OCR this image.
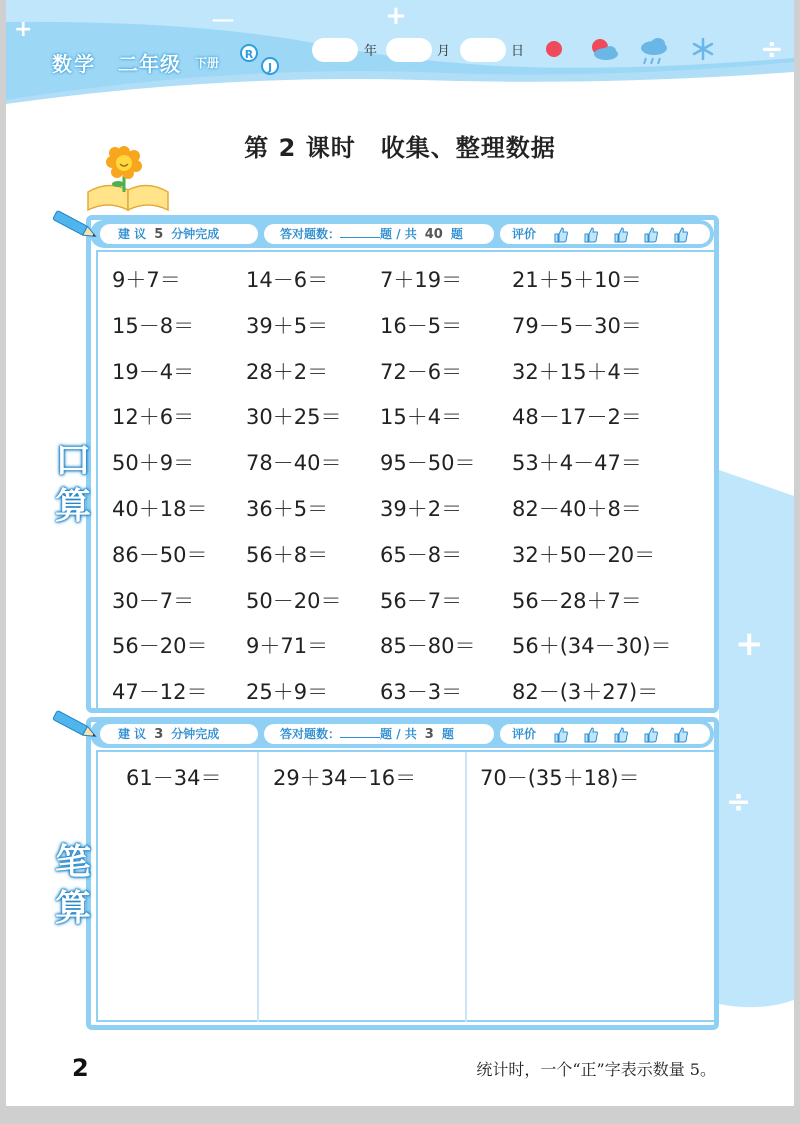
－	+
÷
+
数学 二年级 下册
R
J
年	月	日
第 2 课时　收集、整理数据
+
÷
建 议 5 分钟完成	答对题数：	题 / 共 40 题	评价
口
算
9＋7＝	14－6＝ 7＋19＝ 21＋5＋10＝
15－8＝ 39＋5＝ 16－5＝ 79－5－30＝
19－4＝ 28＋2＝ 72－6＝ 32＋15＋4＝
12＋6＝ 30＋25＝ 15＋4＝ 48－17－2＝
50＋9＝ 78－40＝ 95－50＝ 53＋4－47＝
40＋18＝ 36＋5＝ 39＋2＝ 82－40＋8＝
86－50＝ 56＋8＝ 65－8＝ 32＋50－20＝
30－7＝ 50－20＝ 56－7＝ 56－28＋7＝
56－20＝ 9＋71＝ 85－80＝ 56＋(34－30)＝
47－12＝ 25＋9＝ 63－3＝ 82－(3＋27)＝
建 议 3 分钟完成	答对题数：	题 / 共 3 题	评价
笔
算
61－34＝ 29＋34－16＝	70－(35＋18)＝
2	统计时，一个“正”字表示数量 5。
